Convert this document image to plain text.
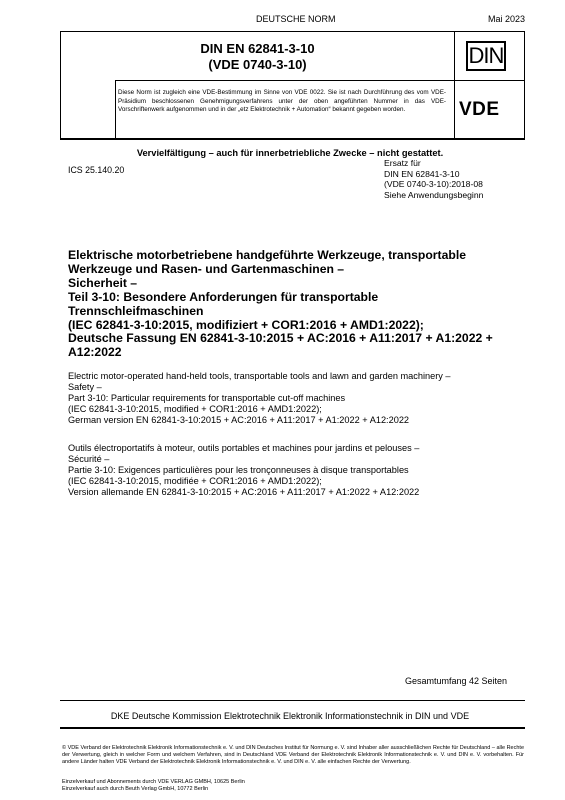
DEUTSCHE NORM	Mai 2023
DIN EN 62841-3-10
(VDE 0740-3-10)	DIN
VDE
Diese Norm ist zugleich eine VDE-Bestimmung im Sinne von VDE 0022. Sie ist nach Durchführung des vom VDE-Präsidium beschlossenen Genehmigungsverfahrens unter der oben angeführten Nummer in das VDE-Vorschriftenwerk aufgenommen und in der „etz Elektrotechnik + Automation“ bekannt gegeben worden.
Vervielfältigung – auch für innerbetriebliche Zwecke – nicht gestattet.
ICS 25.140.20
Ersatz für
DIN EN 62841-3-10
(VDE 0740-3-10):2018-08
Siehe Anwendungsbeginn
Elektrische motorbetriebene handgeführte Werkzeuge, transportable
Werkzeuge und Rasen- und Gartenmaschinen –
Sicherheit –
Teil 3-10: Besondere Anforderungen für transportable
Trennschleifmaschinen
(IEC 62841-3-10:2015, modifiziert + COR1:2016 + AMD1:2022);
Deutsche Fassung EN 62841-3-10:2015 + AC:2016 + A11:2017 + A1:2022 +
A12:2022
Electric motor-operated hand-held tools, transportable tools and lawn and garden machinery –
Safety –
Part 3-10: Particular requirements for transportable cut-off machines
(IEC 62841-3-10:2015, modified + COR1:2016 + AMD1:2022);
German version EN 62841-3-10:2015 + AC:2016 + A11:2017 + A1:2022 + A12:2022
Outils électroportatifs à moteur, outils portables et machines pour jardins et pelouses –
Sécurité –
Partie 3-10: Exigences particulières pour les tronçonneuses à disque transportables
(IEC 62841-3-10:2015, modifiée + COR1:2016 + AMD1:2022);
Version allemande EN 62841-3-10:2015 + AC:2016 + A11:2017 + A1:2022 + A12:2022
Gesamtumfang 42 Seiten
DKE Deutsche Kommission Elektrotechnik Elektronik Informationstechnik in DIN und VDE
© VDE Verband der Elektrotechnik Elektronik Informationstechnik e. V. und DIN Deutsches Institut für Normung e. V. sind Inhaber aller ausschließlichen Rechte für Deutschland – alle Rechte der Verwertung, gleich in welcher Form und welchem Verfahren, sind in Deutschland VDE Verband der Elektrotechnik Elektronik Informationstechnik e. V. und DIN e. V. vorbehalten. Für andere Länder halten VDE Verband der Elektrotechnik Elektronik Informationstechnik e. V. und DIN e. V. alle einfachen Rechte der Verwertung.
Einzelverkauf und Abonnements durch VDE VERLAG GMBH, 10625 Berlin
Einzelverkauf auch durch Beuth Verlag GmbH, 10772 Berlin
